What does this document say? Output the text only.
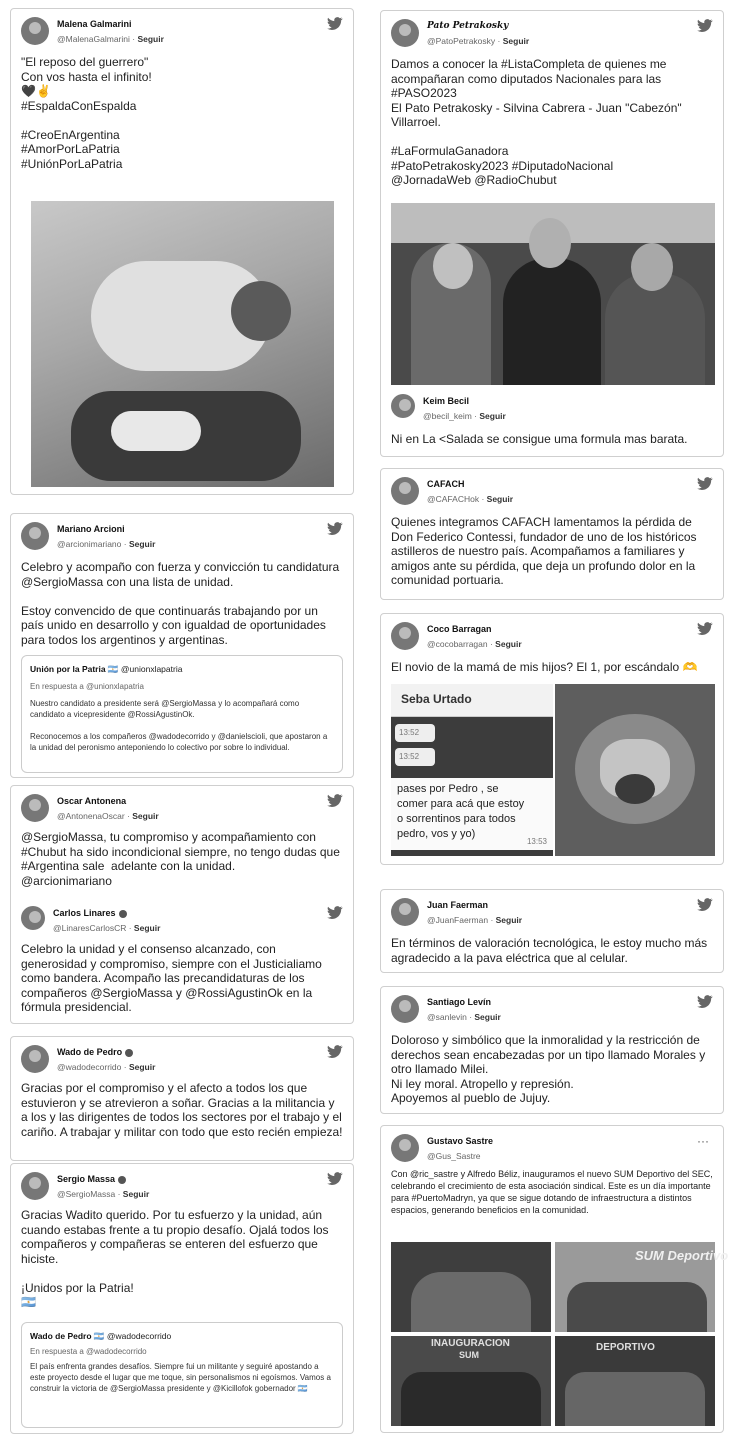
Malena Galmarini
@MalenaGalmarini · Seguir
"El reposo del guerrero"
Con vos hasta el infinito!
🖤✌️
#EspaldaConEspalda

#CreoEnArgentina
#AmorPorLaPatria
#UniónPorLaPatria
Pato Petrakosky
@PatoPetrakosky · Seguir
Damos a conocer la #ListaCompleta de quienes me acompañaran como diputados Nacionales para las #PASO2023
El Pato Petrakosky - Silvina Cabrera - Juan "Cabezón" Villarroel.

#LaFormulaGanadora
#PatoPetrakosky2023 #DiputadoNacional
@JornadaWeb @RadioChubut
Keim Becil
@becil_keim · Seguir
Ni en La <Salada se consigue uma formula mas barata.
Mariano Arcioni
@arcionimariano · Seguir
Celebro y acompaño con fuerza y convicción tu candidatura @SergioMassa con una lista de unidad.

Estoy convencido de que continuarás trabajando por un país unido en desarrollo y con igualdad de oportunidades para todos los argentinos y argentinas.
Unión por la Patria 🇦🇷 @unionxlapatria
En respuesta a @unionxlapatria
Nuestro candidato a presidente será @SergioMassa y lo acompañará como candidato a vicepresidente @RossiAgustinOk.

Reconocemos a los compañeros @wadodecorrido y @danielscioli, que apostaron a la unidad del peronismo anteponiendo lo colectivo por sobre lo individual.
CAFACH
@CAFACHok · Seguir
Quienes integramos CAFACH lamentamos la pérdida de Don Federico Contessi, fundador de uno de los históricos astilleros de nuestro país. Acompañamos a familiares y amigos ante su pérdida, que deja un profundo dolor en la comunidad portuaria.
Coco Barragan
@cocobarragan · Seguir
El novio de la mamá de mis hijos? El 1, por escándalo 🫶
Seba Urtado
13:52
13:52
pases por Pedro , se
comer para acá que estoy
o sorrentinos para todos
pedro, vos y yo)
13:53
Oscar Antonena
@AntonenaOscar · Seguir
@SergioMassa, tu compromiso y acompañamiento con #Chubut ha sido incondicional siempre, no tengo dudas que #Argentina sale  adelante con la unidad.
@arcionimariano
Carlos Linares
@LinaresCarlosCR · Seguir
Celebro la unidad y el consenso alcanzado, con generosidad y compromiso, siempre con el Justicialiamo como bandera. Acompaño las precandidaturas de los compañeros @SergioMassa y @RossiAgustinOk en la fórmula presidencial.
Juan Faerman
@JuanFaerman · Seguir
En términos de valoración tecnológica, le estoy mucho más agradecido a la pava eléctrica que al celular.
Santiago Levín
@sanlevin · Seguir
Doloroso y simbólico que la inmoralidad y la restricción de derechos sean encabezadas por un tipo llamado Morales y otro llamado Milei.
Ni ley moral. Atropello y represión.
Apoyemos al pueblo de Jujuy.
Wado de Pedro
@wadodecorrido · Seguir
Gracias por el compromiso y el afecto a todos los que estuvieron y se atrevieron a soñar. Gracias a la militancia y a los y las dirigentes de todos los sectores por el trabajo y el cariño. A trabajar y militar con todo que esto recién empieza!
Gustavo Sastre
@Gus_Sastre
···
Con @ric_sastre y Alfredo Béliz, inauguramos el nuevo SUM Deportivo del SEC, celebrando el crecimiento de esta asociación sindical. Este es un día importante para #PuertoMadryn, ya que se sigue dotando de infraestructura a distintos espacios, generando beneficios en la comunidad.
SUM Deportivo
INAUGURACION
SUM
DEPORTIVO
Sergio Massa
@SergioMassa · Seguir
Gracias Wadito querido. Por tu esfuerzo y la unidad, aún cuando estabas frente a tu propio desafío. Ojalá todos los compañeros y compañeras se enteren del esfuerzo que hiciste.

¡Unidos por la Patria!
🇦🇷
Wado de Pedro 🇦🇷 @wadodecorrido
En respuesta a @wadodecorrido
El país enfrenta grandes desafíos. Siempre fui un militante y seguiré apostando a este proyecto desde el lugar que me toque, sin personalismos ni egoísmos. Vamos a construir la victoria de @SergioMassa presidente y @Kicillofok gobernador 🇦🇷
